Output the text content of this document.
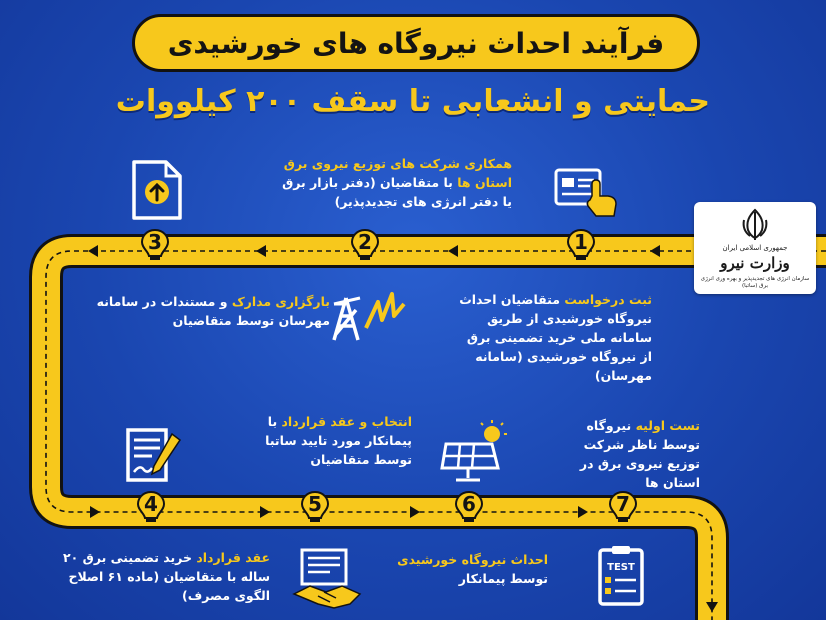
فرآیند احداث نیروگاه های خورشیدی
حمایتی و انشعابی تا سقف ۲۰۰ کیلووات
جمهوری اسلامی ایران
وزارت نیرو
سازمان انرژی های تجدیدپذیر و بهره وری انرژی برق (ساتبا)
1
2
3
4	5	6	7
TEST
ثبت درخواست متقاضیان احداث نیروگاه خورشیدی از طریق سامانه ملی خرید تضمینی برق از نیروگاه خورشیدی (سامانه مهرسان)
همکاری شرکت های توزیع نیروی برق استان ها با متقاضیان (دفتر بازار برق یا دفتر انرژی های تجدیدپذیر)
بارگزاری مدارک و مستندات در سامانه مهرسان توسط متقاضیان
تست اولیه نیروگاه توسط ناظر شرکت توزیع نیروی برق در استان ها
انتخاب و عقد قرارداد با پیمانکار مورد تایید ساتبا توسط متقاضیان
عقد قرارداد خرید تضمینی برق ۲۰ ساله با متقاضیان (ماده ۶۱ اصلاح الگوی مصرف)
احداث نیروگاه خورشیدی توسط پیمانکار
